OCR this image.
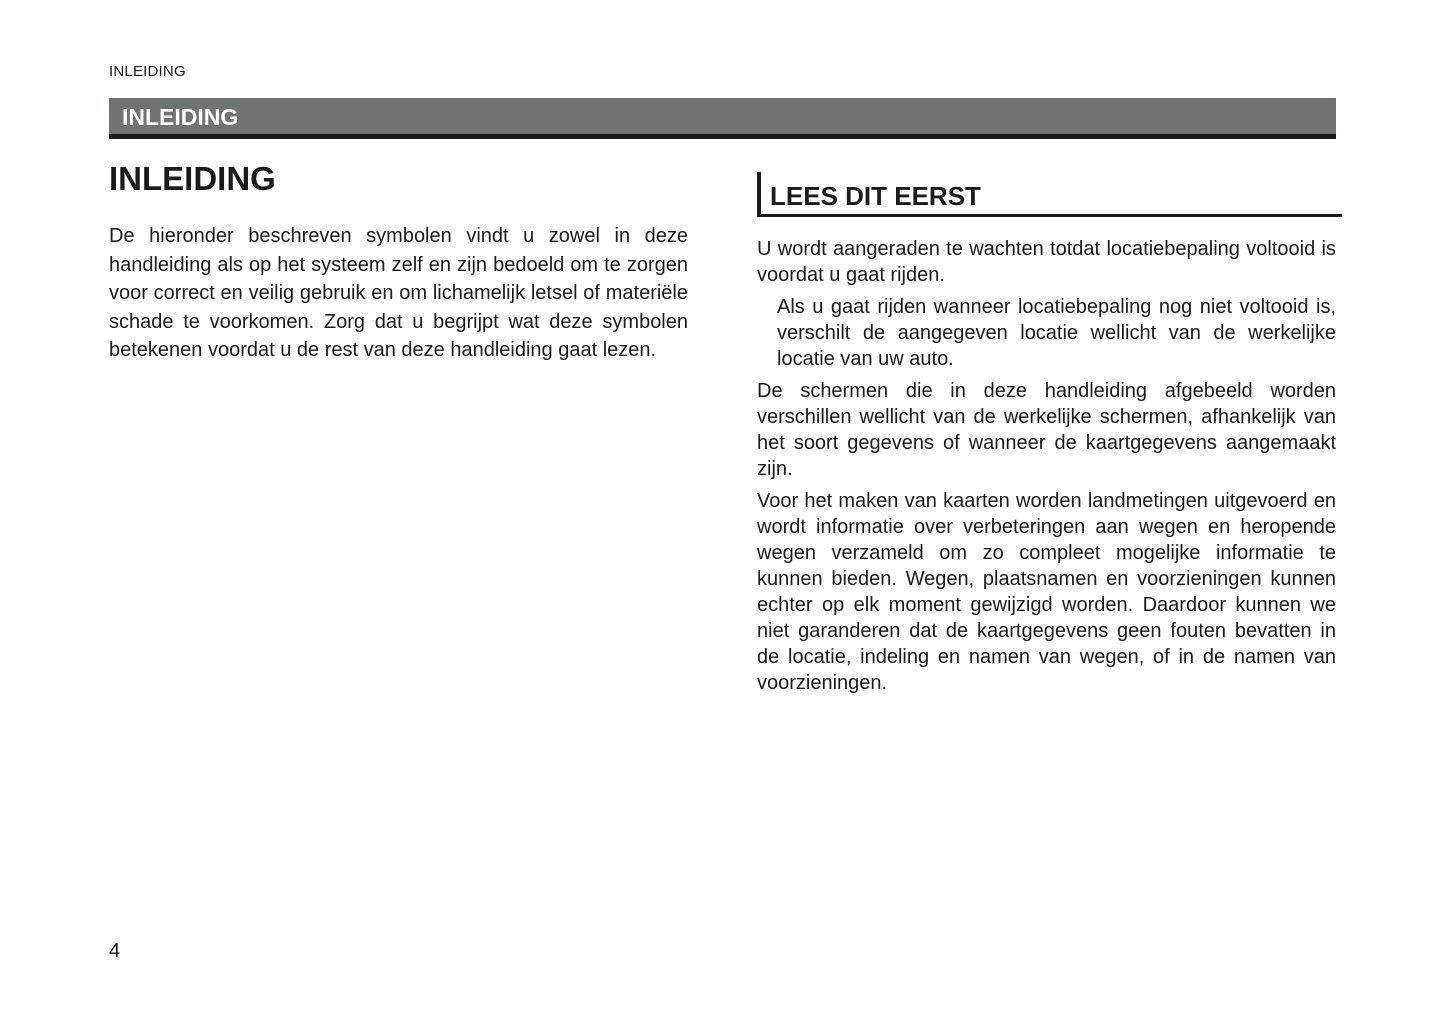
INLEIDING
INLEIDING
INLEIDING

De hieronder beschreven symbolen vindt u zowel in deze handleiding als op het systeem zelf en zijn bedoeld om te zorgen voor correct en veilig gebruik en om lichamelijk letsel of materiële schade te voorkomen. Zorg dat u begrijpt wat deze symbolen betekenen voordat u de rest van deze handleiding gaat lezen.

LEES DIT EERST

U wordt aangeraden te wachten totdat locatiebepaling voltooid is voordat u gaat rijden.

Als u gaat rijden wanneer locatiebepaling nog niet voltooid is, verschilt de aangegeven locatie wellicht van de werkelijke locatie van uw auto.

De schermen die in deze handleiding afgebeeld worden verschillen wellicht van de werkelijke schermen, afhankelijk van het soort gegevens of wanneer de kaartgegevens aangemaakt zijn.

Voor het maken van kaarten worden landmetingen uitgevoerd en wordt informatie over verbeteringen aan wegen en heropende wegen verzameld om zo compleet mogelijke informatie te kunnen bieden. Wegen, plaatsnamen en voorzieningen kunnen echter op elk moment gewijzigd worden. Daardoor kunnen we niet garanderen dat de kaartgegevens geen fouten bevatten in de locatie, indeling en namen van wegen, of in de namen van voorzieningen.

4
